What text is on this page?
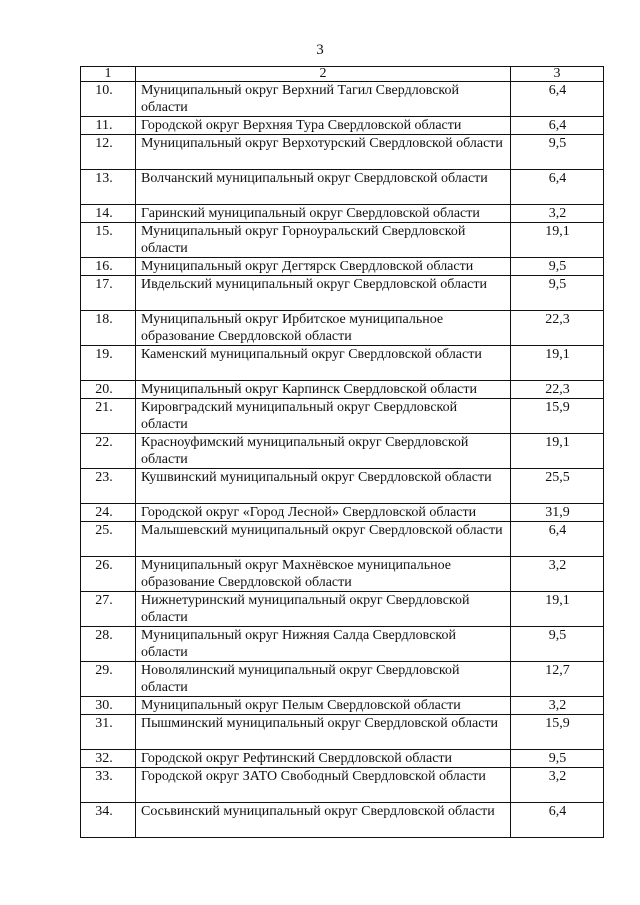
3
1	2	3
10.	Муниципальный округ Верхний Тагил Свердловской области	6,4
11.	Городской округ Верхняя Тура Свердловской области	6,4
12.	Муниципальный округ Верхотурский Свердловской области	9,5
13.	Волчанский муниципальный округ Свердловской области	6,4
14.	Гаринский муниципальный округ Свердловской области	3,2
15.	Муниципальный округ Горноуральский Свердловской области	19,1
16.	Муниципальный округ Дегтярск Свердловской области	9,5
17.	Ивдельский муниципальный округ Свердловской области	9,5
18.	Муниципальный округ Ирбитское муниципальное образование Свердловской области	22,3
19.	Каменский муниципальный округ Свердловской области	19,1
20.	Муниципальный округ Карпинск Свердловской области	22,3
21.	Кировградский муниципальный округ Свердловской области	15,9
22.	Красноуфимский муниципальный округ Свердловской области	19,1
23.	Кушвинский муниципальный округ Свердловской области	25,5
24.	Городской округ «Город Лесной» Свердловской области	31,9
25.	Малышевский муниципальный округ Свердловской области	6,4
26.	Муниципальный округ Махнёвское муниципальное образование Свердловской области	3,2
27.	Нижнетуринский муниципальный округ Свердловской области	19,1
28.	Муниципальный округ Нижняя Салда Свердловской области	9,5
29.	Новолялинский муниципальный округ Свердловской области	12,7
30.	Муниципальный округ Пелым Свердловской области	3,2
31.	Пышминский муниципальный округ Свердловской области	15,9
32.	Городской округ Рефтинский Свердловской области	9,5
33.	Городской округ ЗАТО Свободный Свердловской области	3,2
34.	Сосьвинский муниципальный округ Свердловской области	6,4
